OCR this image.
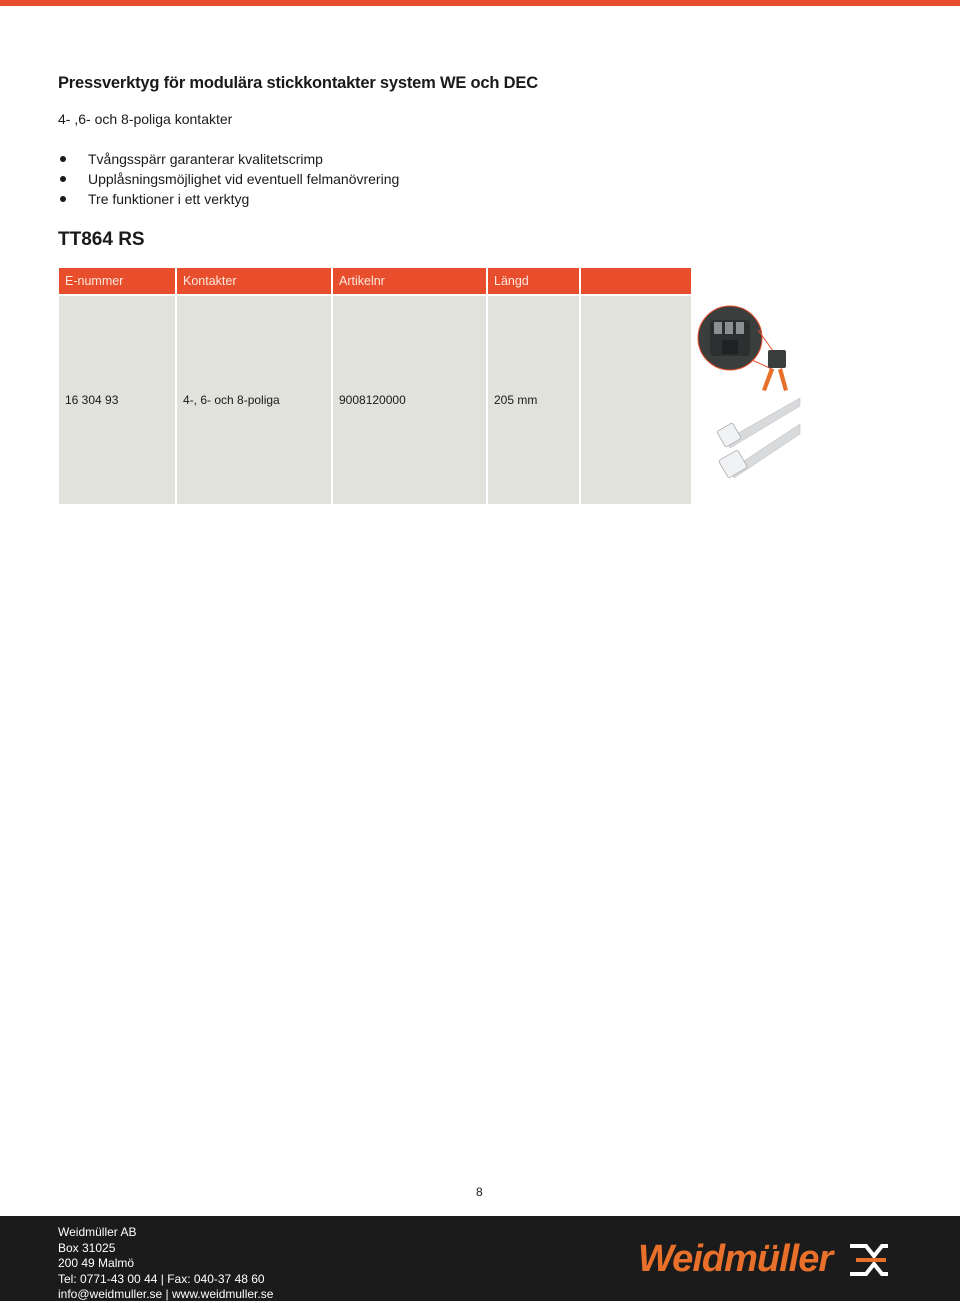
Pressverktyg för modulära stickkontakter system WE och DEC
4- ,6- och 8-poliga kontakter
Tvångsspärr garanterar kvalitetscrimp
Upplåsningsmöjlighet vid eventuell felmanövrering
Tre funktioner i ett verktyg
TT864 RS
E-nummer	Kontakter	Artikelnr	Längd
16 304 93	4-, 6- och 8-poliga	9008120000	205 mm
8
Weidmüller AB
Box 31025
200 49 Malmö
Tel: 0771-43 00 44 | Fax: 040-37 48 60
info@weidmuller.se | www.weidmuller.se
Weidmüller
